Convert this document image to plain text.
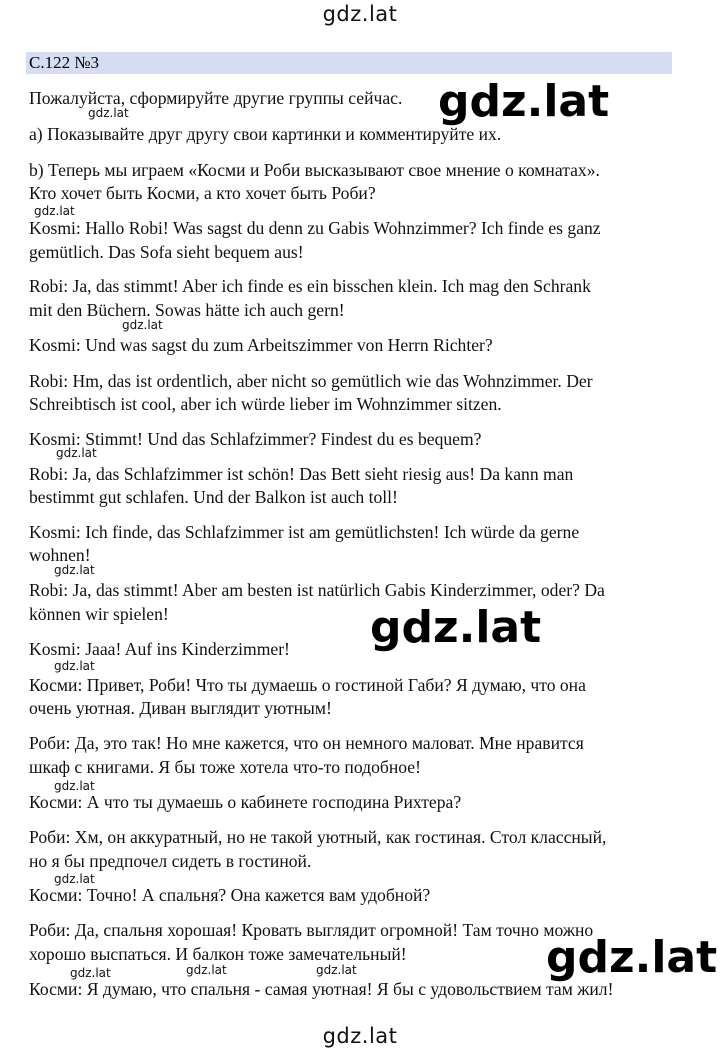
gdz.lat
С.122 №3
Пожалуйста, сформируйте другие группы сейчас.
a) Показывайте друг другу свои картинки и комментируйте их.
b) Теперь мы играем «Косми и Роби высказывают свое мнение о комнатах».
Кто хочет быть Косми, а кто хочет быть Роби?
Kosmi: Hallo Robi! Was sagst du denn zu Gabis Wohnzimmer? Ich finde es ganz
gemütlich. Das Sofa sieht bequem aus!
Robi: Ja, das stimmt! Aber ich finde es ein bisschen klein. Ich mag den Schrank
mit den Büchern. Sowas hätte ich auch gern!
Kosmi: Und was sagst du zum Arbeitszimmer von Herrn Richter?
Robi: Hm, das ist ordentlich, aber nicht so gemütlich wie das Wohnzimmer. Der
Schreibtisch ist cool, aber ich würde lieber im Wohnzimmer sitzen.
Kosmi: Stimmt! Und das Schlafzimmer? Findest du es bequem?
Robi: Ja, das Schlafzimmer ist schön! Das Bett sieht riesig aus! Da kann man
bestimmt gut schlafen. Und der Balkon ist auch toll!
Kosmi: Ich finde, das Schlafzimmer ist am gemütlichsten! Ich würde da gerne
wohnen!
Robi: Ja, das stimmt! Aber am besten ist natürlich Gabis Kinderzimmer, oder? Da
können wir spielen!
Kosmi: Jaaa! Auf ins Kinderzimmer!
Косми: Привет, Роби! Что ты думаешь о гостиной Габи? Я думаю, что она
очень уютная. Диван выглядит уютным!
Роби: Да, это так! Но мне кажется, что он немного маловат. Мне нравится
шкаф с книгами. Я бы тоже хотела что-то подобное!
Косми: А что ты думаешь о кабинете господина Рихтера?
Роби: Хм, он аккуратный, но не такой уютный, как гостиная. Стол классный,
но я бы предпочел сидеть в гостиной.
Косми: Точно! А спальня? Она кажется вам удобной?
Роби: Да, спальня хорошая! Кровать выглядит огромной! Там точно можно
хорошо выспаться. И балкон тоже замечательный!
Косми: Я думаю, что спальня - самая уютная! Я бы с удовольствием там жил!
gdz.lat
gdz.lat
gdz.lat
gdz.lat
gdz.lat
gdz.lat
gdz.lat
gdz.lat
gdz.lat
gdz.lat
gdz.lat
gdz.lat	gdz.lat	gdz.lat
gdz.lat
